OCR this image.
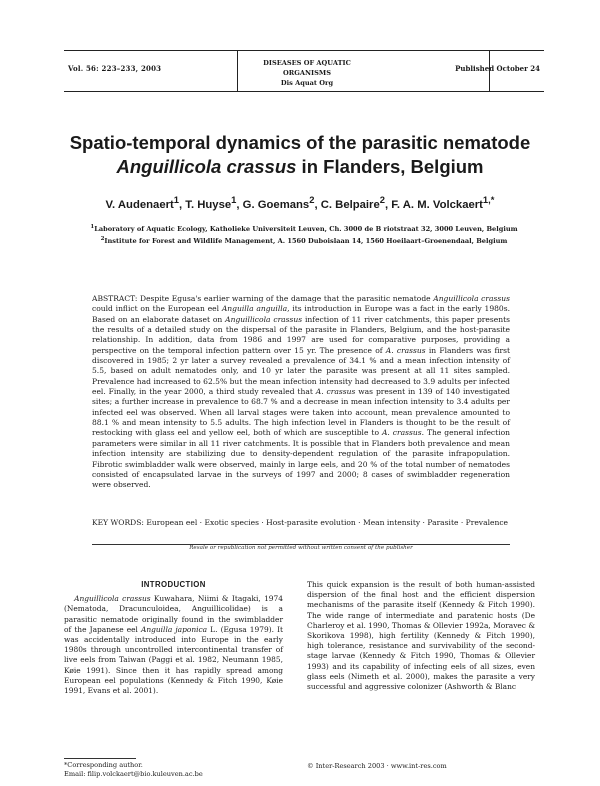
Vol. 56: 223–233, 2003
DISEASES OF AQUATIC ORGANISMS
Dis Aquat Org
Published October 24
Spatio-temporal dynamics of the parasitic nematode
Anguillicola crassus in Flanders, Belgium
V. Audenaert$^1$, T. Huyse$^1$, G. Goemans$^2$, C. Belpaire$^2$, F. A. M. Volckaert$^{1,*}$
$^1$Laboratory of Aquatic Ecology, Katholieke Universiteit Leuven, Ch. 3000 de B riotstraat 32, 3000 Leuven, Belgium
$^2$Institute for Forest and Wildlife Management, A. 1560 Duboislaan 14, 1560 Hoeilaart–Groenendaal, Belgium

ABSTRACT: Despite Egusa's earlier warning of the damage that the parasitic nematode Anguillicola crassus could inflict on the European eel Anguilla anguilla, its introduction in Europe was a fact in the early 1980s. Based on an elaborate dataset on Anguillicola crassus infection of 11 river catchments, this paper presents the results of a detailed study on the dispersal of the parasite in Flanders, Belgium, and the host-parasite relationship. In addition, data from 1986 and 1997 are used for comparative purposes, providing a perspective on the temporal infection pattern over 15 yr. The presence of A. crassus in Flanders was first discovered in 1985; 2 yr later a survey revealed a prevalence of 34.1 % and a mean infection intensity of 5.5, based on adult nematodes only, and 10 yr later the parasite was present at all 11 sites sampled. Prevalence had increased to 62.5% but the mean infection intensity had decreased to 3.9 adults per infected eel. Finally, in the year 2000, a third study revealed that A. crassus was present in 139 of 140 investigated sites; a further increase in prevalence to 68.7 % and a decrease in mean infection intensity to 3.4 adults per infected eel was observed. When all larval stages were taken into account, mean prevalence amounted to 88.1 % and mean intensity to 5.5 adults. The high infection level in Flanders is thought to be the result of restocking with glass eel and yellow eel, both of which are susceptible to A. crassus. The general infection parameters were similar in all 11 river catchments. It is possible that in Flanders both prevalence and mean infection intensity are stabilizing due to density-dependent regulation of the parasite infrapopulation. Fibrotic swimbladder walk were observed, mainly in large eels, and 20 % of the total number of nematodes consisted of encapsulated larvae in the surveys of 1997 and 2000; 8 cases of swimbladder regeneration were observed.

KEY WORDS: European eel · Exotic species · Host-parasite evolution · Mean intensity · Parasite · Prevalence
Resale or republication not permitted without written consent of the publisher

INTRODUCTION

Anguillicola crassus Kuwahara, Niimi & Itagaki, 1974 (Nematoda, Dracunculoidea, Anguillicolidae) is a parasitic nematode originally found in the swimbladder of the Japanese eel Anguilla japonica L. (Egusa 1979). It was accidentally introduced into Europe in the early 1980s through uncontrolled intercontinental transfer of live eels from Taiwan (Paggi et al. 1982, Neumann 1985, Køie 1991). Since then it has rapidly spread among European eel populations (Kennedy & Fitch 1990, Køie 1991, Evans et al. 2001).

This quick expansion is the result of both human-assisted dispersion of the final host and the efficient dispersion mechanisms of the parasite itself (Kennedy & Fitch 1990). The wide range of intermediate and paratenic hosts (De Charleroy et al. 1990, Thomas & Ollevier 1992a, Moravec & Skorikova 1998), high fertility (Kennedy & Fitch 1990), high tolerance, resistance and survivability of the second-stage larvae (Kennedy & Fitch 1990, Thomas & Ollevier 1993) and its capability of infecting eels of all sizes, even glass eels (Nimeth et al. 2000), makes the parasite a very successful and aggressive colonizer (Ashworth & Blanc

*Corresponding author.
Email: filip.volckaert@bio.kuleuven.ac.be
© Inter-Research 2003 · www.int-res.com
